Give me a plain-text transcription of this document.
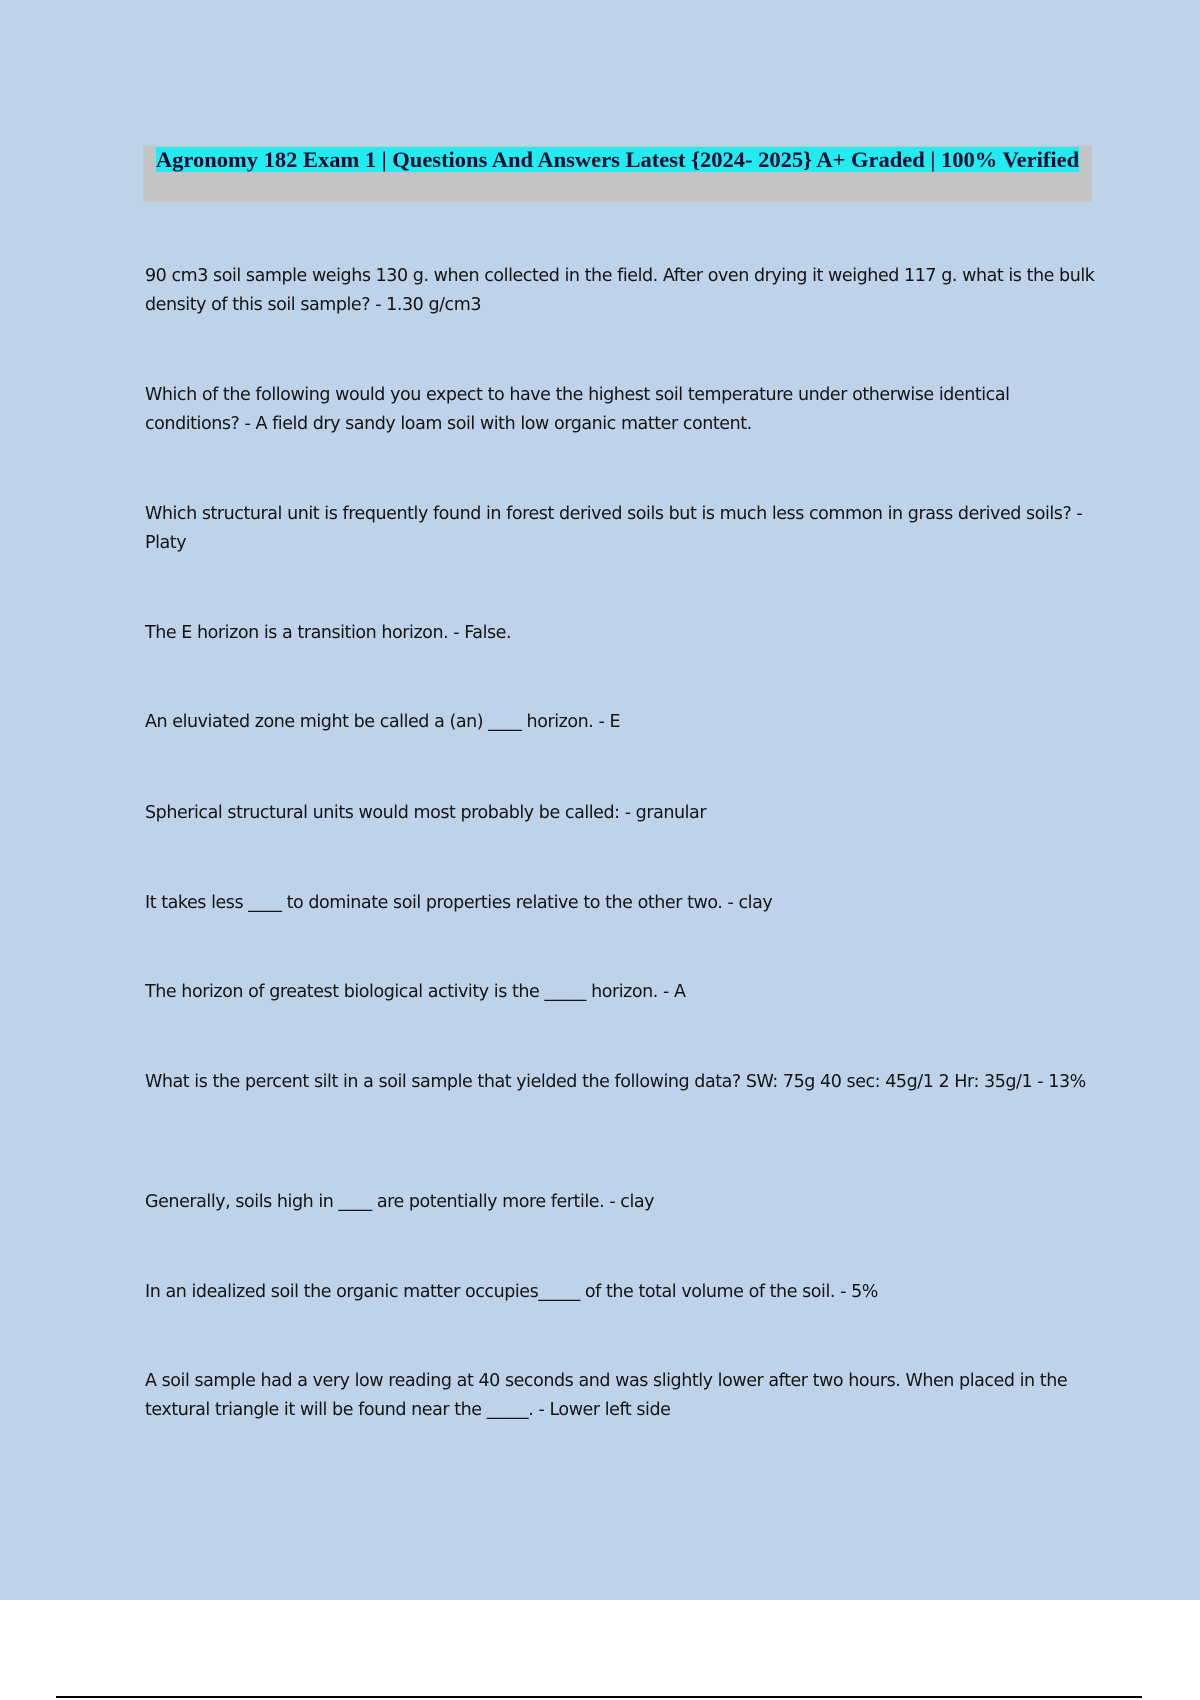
Agronomy 182 Exam 1 | Questions And Answers Latest {2024- 2025} A+ Graded | 100% Verified

90 cm3 soil sample weighs 130 g. when collected in the field. After oven drying it weighed 117 g. what is the bulk density of this soil sample? - 1.30 g/cm3

Which of the following would you expect to have the highest soil temperature under otherwise identical conditions? - A field dry sandy loam soil with low organic matter content.

Which structural unit is frequently found in forest derived soils but is much less common in grass derived soils? - Platy

The E horizon is a transition horizon. - False.

An eluviated zone might be called a (an) ____ horizon. - E

Spherical structural units would most probably be called: - granular

It takes less ____ to dominate soil properties relative to the other two. - clay

The horizon of greatest biological activity is the _____ horizon. - A

What is the percent silt in a soil sample that yielded the following data? SW: 75g 40 sec: 45g/1 2 Hr: 35g/1 - 13%

Generally, soils high in ____ are potentially more fertile. - clay

In an idealized soil the organic matter occupies_____ of the total volume of the soil. - 5%

A soil sample had a very low reading at 40 seconds and was slightly lower after two hours. When placed in the textural triangle it will be found near the _____. - Lower left side
